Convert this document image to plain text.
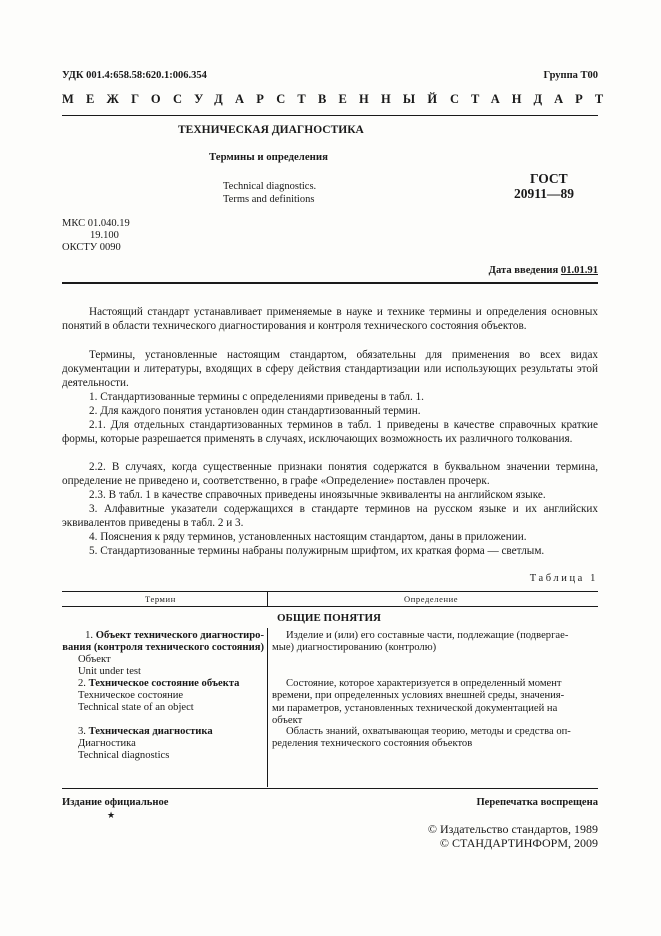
УДК 001.4:658.58:620.1:006.354	Группа Т00
МЕЖГОСУДАРСТВЕННЫЙ СТАНДАРТ
ТЕХНИЧЕСКАЯ ДИАГНОСТИКА
Термины и определения
Technical diagnostics.
Terms and definitions
ГОСТ
20911—89
МКС 01.040.19
19.100
ОКСТУ 0090
Дата введения 01.01.91
Настоящий стандарт устанавливает применяемые в науке и технике термины и определения основных понятий в области технического диагностирования и контроля технического состояния объектов.
Термины, установленные настоящим стандартом, обязательны для применения во всех видах документации и литературы, входящих в сферу действия стандартизации или использующих результаты этой деятельности.
1. Стандартизованные термины с определениями приведены в табл. 1.
2. Для каждого понятия установлен один стандартизованный термин.
2.1. Для отдельных стандартизованных терминов в табл. 1 приведены в качестве справочных краткие формы, которые разрешается применять в случаях, исключающих возможность их различного толкования.
2.2. В случаях, когда существенные признаки понятия содержатся в буквальном значении термина, определение не приведено и, соответственно, в графе «Определение» поставлен прочерк.
2.3. В табл. 1 в качестве справочных приведены иноязычные эквиваленты на английском языке.
3. Алфавитные указатели содержащихся в стандарте терминов на русском языке и их английских эквивалентов приведены в табл. 2 и 3.
4. Пояснения к ряду терминов, установленных настоящим стандартом, даны в приложении.
5. Стандартизованные термины набраны полужирным шрифтом, их краткая форма — светлым.
Таблица 1
Термин	Определение
ОБЩИЕ ПОНЯТИЯ
1. Объект технического диагностиро-
вания (контроля технического состояния)
Объект
Unit under test
Изделие и (или) его составные части, подлежащие (подвергае-
мые) диагностированию (контролю)
2. Техническое состояние объекта
Техническое состояние
Technical state of an object
Состояние, которое характеризуется в определенный момент
времени, при определенных условиях внешней среды, значения-
ми параметров, установленных технической документацией на
объект
3. Техническая диагностика
Диагностика
Technical diagnostics
Область знаний, охватывающая теорию, методы и средства оп-
ределения технического состояния объектов
Издание официальное
★
Перепечатка воспрещена
© Издательство стандартов, 1989
© СТАНДАРТИНФОРМ, 2009
